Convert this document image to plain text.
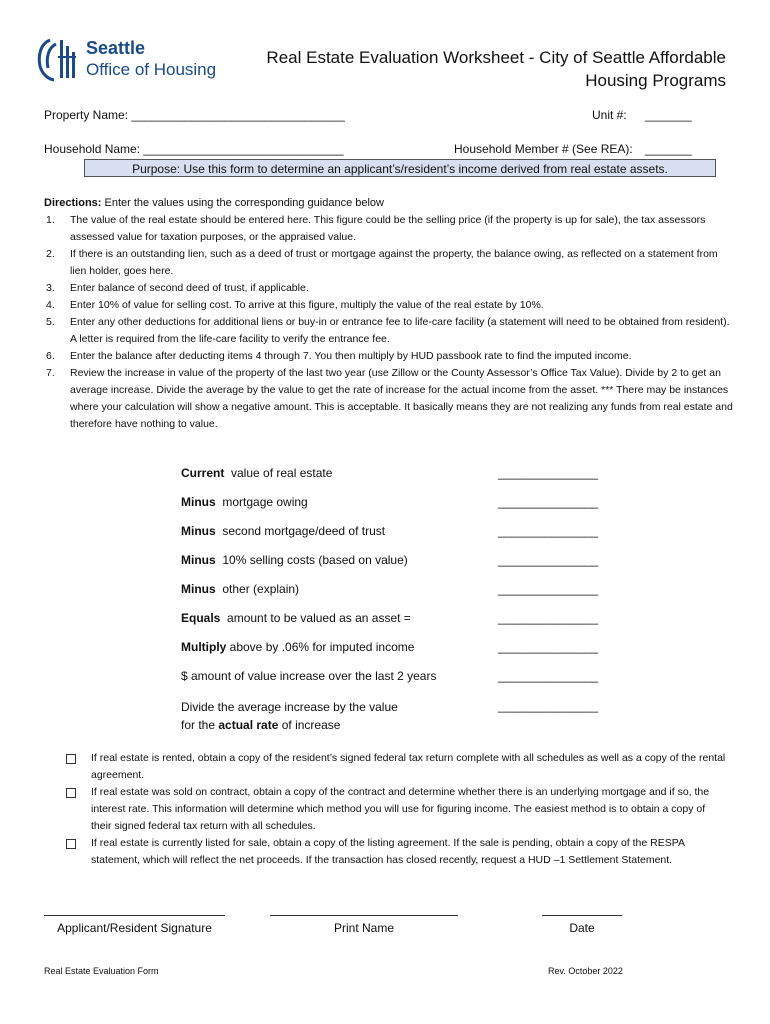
Seattle
Office of Housing
Real Estate Evaluation Worksheet - City of Seattle Affordable Housing Programs
Property Name: ________________________________	Unit #: _______
Household Name: ______________________________	Household Member # (See REA): _______
Purpose: Use this form to determine an applicant’s/resident’s income derived from real estate assets.
Directions: Enter the values using the corresponding guidance below
1. The value of the real estate should be entered here. This figure could be the selling price (if the property is up for sale), the tax assessors assessed value for taxation purposes, or the appraised value.
2. If there is an outstanding lien, such as a deed of trust or mortgage against the property, the balance owing, as reflected on a statement from lien holder, goes here.
3. Enter balance of second deed of trust, if applicable.
4. Enter 10% of value for selling cost. To arrive at this figure, multiply the value of the real estate by 10%.
5. Enter any other deductions for additional liens or buy-in or entrance fee to life-care facility (a statement will need to be obtained from resident). A letter is required from the life-care facility to verify the entrance fee.
6. Enter the balance after deducting items 4 through 7. You then multiply by HUD passbook rate to find the imputed income.
7. Review the increase in value of the property of the last two year (use Zillow or the County Assessor’s Office Tax Value). Divide by 2 to get an average increase. Divide the average by the value to get the rate of increase for the actual income from the asset. *** There may be instances where your calculation will show a negative amount. This is acceptable. It basically means they are not realizing any funds from real estate and therefore have nothing to value.
Current  value of real estate	_______________
Minus  mortgage owing	_______________
Minus  second mortgage/deed of trust	_______________
Minus  10% selling costs (based on value)	_______________
Minus  other (explain)	_______________
Equals  amount to be valued as an asset =	_______________
Multiply above by .06% for imputed income	_______________
$ amount of value increase over the last 2 years	_______________
Divide the average increase by the value
for the actual rate of increase
_______________
If real estate is rented, obtain a copy of the resident’s signed federal tax return complete with all schedules as well as a copy of the rental agreement.
If real estate was sold on contract, obtain a copy of the contract and determine whether there is an underlying mortgage and if so, the interest rate. This information will determine which method you will use for figuring income. The easiest method is to obtain a copy of their signed federal tax return with all schedules.
If real estate is currently listed for sale, obtain a copy of the listing agreement. If the sale is pending, obtain a copy of the RESPA statement, which will reflect the net proceeds. If the transaction has closed recently, request a HUD –1 Settlement Statement.
Applicant/Resident Signature	Print Name	Date
Real Estate Evaluation Form	Rev. October 2022
